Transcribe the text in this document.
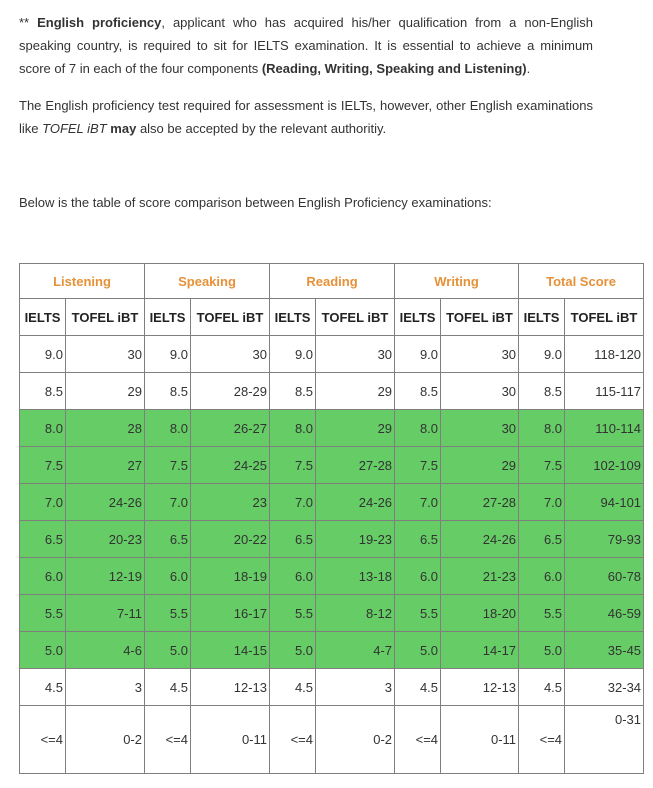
** English proficiency, applicant who has acquired his/her qualification from a non-English speaking country, is required to sit for IELTS examination. It is essential to achieve a minimum score of 7 in each of the four components (Reading, Writing, Speaking and Listening).

The English proficiency test required for assessment is IELTs, however, other English examinations like TOFEL iBT may also be accepted by the relevant authoritiy.

Below is the table of score comparison between English Proficiency examinations:

Listening		Speaking		Reading		Writing		Total Score	
IELTS	TOFEL iBT	IELTS	TOFEL iBT	IELTS	TOFEL iBT	IELTS	TOFEL iBT	IELTS	TOFEL iBT
9.0	30	9.0	30	9.0	30	9.0	30	9.0	118-120
8.5	29	8.5	28-29	8.5	29	8.5	30	8.5	115-117
8.0	28	8.0	26-27	8.0	29	8.0	30	8.0	110-114
7.5	27	7.5	24-25	7.5	27-28	7.5	29	7.5	102-109
7.0	24-26	7.0	23	7.0	24-26	7.0	27-28	7.0	94-101
6.5	20-23	6.5	20-22	6.5	19-23	6.5	24-26	6.5	79-93
6.0	12-19	6.0	18-19	6.0	13-18	6.0	21-23	6.0	60-78
5.5	7-11	5.5	16-17	5.5	8-12	5.5	18-20	5.5	46-59
5.0	4-6	5.0	14-15	5.0	4-7	5.0	14-17	5.0	35-45
4.5	3	4.5	12-13	4.5	3	4.5	12-13	4.5	32-34
<=4	0-2	<=4	0-11	<=4	0-2	<=4	0-11	<=4	0-31
